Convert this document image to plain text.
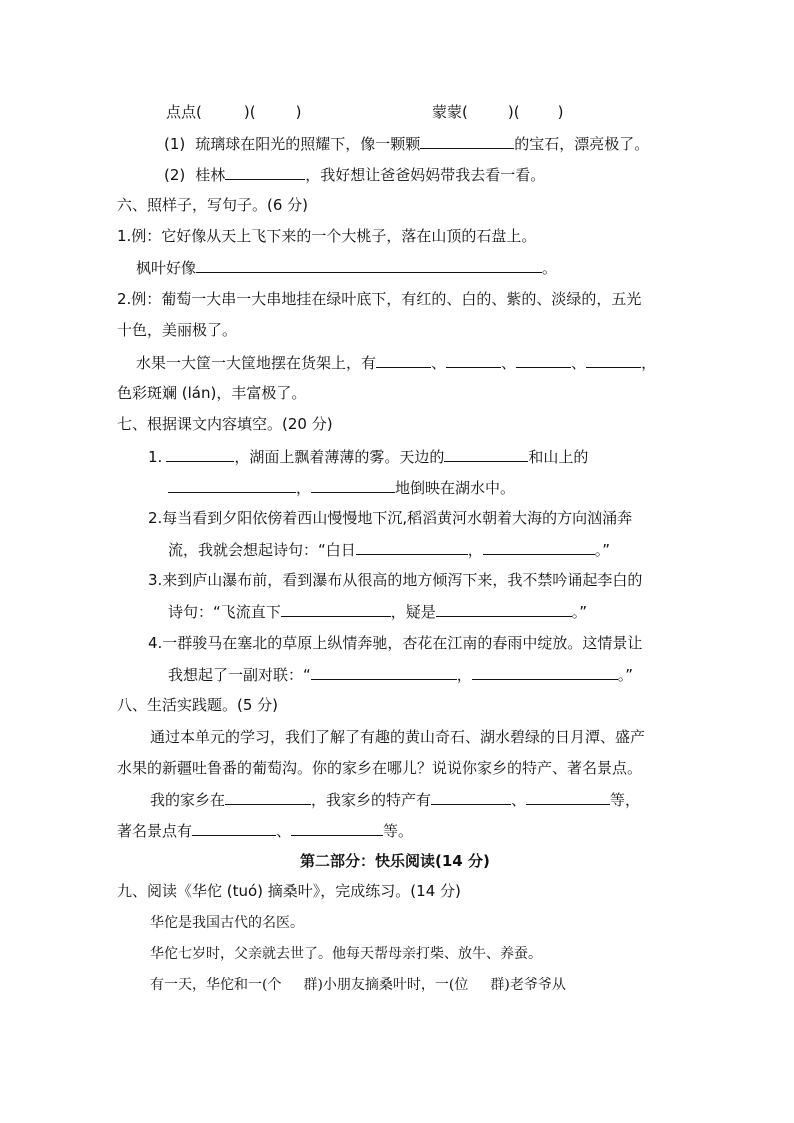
点点(	)(	)	蒙蒙(	)(	)
(1) 琉璃球在阳光的照耀下，像一颗颗	的宝石，漂亮极了。
(2) 桂林	，我好想让爸爸妈妈带我去看一看。
六、照样子，写句子。(6 分)
1.例：它好像从天上飞下来的一个大桃子，落在山顶的石盘上。
枫叶好像	。
2.例：葡萄一大串一大串地挂在绿叶底下，有红的、白的、紫的、淡绿的，五光
十色，美丽极了。
水果一大筐一大筐地摆在货架上，有	、	、	、	，
色彩斑斓 (lán)，丰富极了。
七、根据课文内容填空。(20 分)
1.	，湖面上飘着薄薄的雾。天边的	和山上的
，	地倒映在湖水中。
2.每当看到夕阳依傍着西山慢慢地下沉,稻滔黄河水朝着大海的方向汹涌奔
流，我就会想起诗句：“白日	，	。”
3.来到庐山瀑布前，看到瀑布从很高的地方倾泻下来，我不禁吟诵起李白的
诗句：“飞流直下	，疑是	。”
4.一群骏马在塞北的草原上纵情奔驰，杏花在江南的春雨中绽放。这情景让
我想起了一副对联：“	，	。”
八、生活实践题。(5 分)
通过本单元的学习，我们了解了有趣的黄山奇石、湖水碧绿的日月潭、盛产
水果的新疆吐鲁番的葡萄沟。你的家乡在哪儿？说说你家乡的特产、著名景点。
我的家乡在	，我家乡的特产有	、	等，
著名景点有	、	等。
第二部分：快乐阅读(14 分)
九、阅读《华佗 (tuó) 摘桑叶》，完成练习。(14 分)
华佗是我国古代的名医。
华佗七岁时，父亲就去世了。他每天帮母亲打柴、放牛、养蚕。
有一天，华佗和一(个 群)小朋友摘桑叶时，一(位 群)老爷爷从
